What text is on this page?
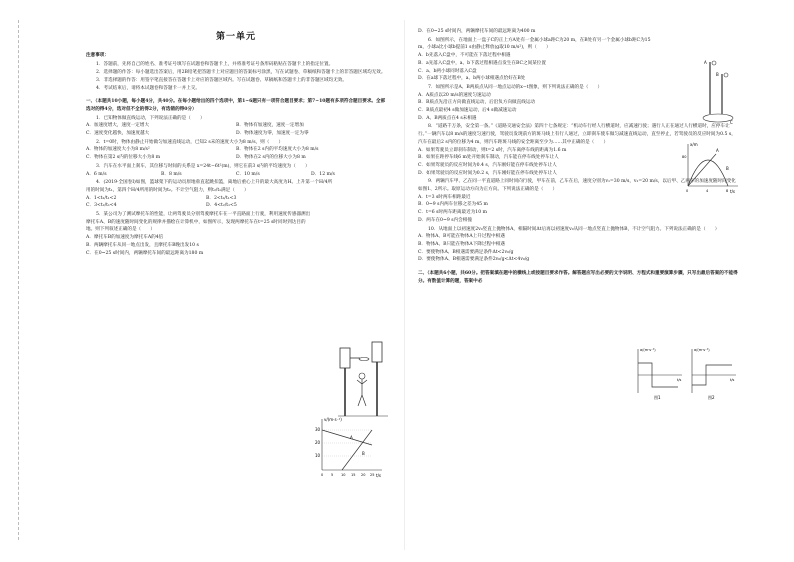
第一单元
注意事项：

1．答题前，先将自己的姓名、准考证号填写在试题卷和答题卡上，并将准考证号条形码粘贴在答题卡上的指定位置。

2．选择题的作答：每小题选出答案后，用2B铅笔把答题卡上对应题目的答案标号涂黑，写在试题卷、草稿纸和答题卡上的非答题区域均无效。

3．非选择题的作答：用签字笔直接答在答题卡上对应的答题区域内。写在试题卷、草稿纸和答题卡上的非答题区域均无效。

4．考试结束后，请将本试题卷和答题卡一并上交。

一、（本题共10小题，每小题4分，共40分。在每小题给出的四个选项中，第1~6题只有一项符合题目要求；第7~10题有多项符合题目要求。全部选对的得4分，选对但不全的得2分，有选错的得0分）

1．已知物体做直线运动，下列说法正确的是（　　）

A．加速度增大，速度一定增大	B．物体有加速度，速度一定增加
C．速度变化越快，加速度越大	D．物体速度为零，加速度一定为零

2．t=0时，物体由静止开始做匀加速直线运动，已知2 s末的速度大小为8 m/s，则（　　）

A．物体的加速度大小为8 m/s²	B．物体在2 s内的平均速度大小为8 m/s
C．物体在第2 s内的位移大小为8 m	D．物体在2 s内的位移大小为8 m

3．汽车在水平面上刹车，其位移与时间的关系是 x=24t−6t²(m)，则它在前3 s内的平均速度为（　　）

A．6 m/s	B．8 m/s	C．10 m/s	D．12 m/s

4．(2019·全国卷Ⅰ)如图，篮球架下的运动员原地垂直起跳扣篮，离地后重心上升的最大高度为H。上升第一个H/4所用的时间为t₁，第四个H/4所用的时间为t₂。不计空气阻力，则t₂/t₁满足（　　）

A．1<t₂/t₁<2	B．2<t₂/t₁<3
C．3<t₂/t₁<4	D．4<t₂/t₁<5

5．某公司为了测试摩托车的性能，让两驾驶员分别驾驶摩托车在一平直路面上行驶，利用速度传感器测出摩托车A、B的速度随时间变化的规律并描绘在计算机中，如图所示，发现两摩托车在t=25 s时同时到达目的地。则下列叙述正确的是（　　）

A．摩托车B的加速度为摩托车A的4倍
B．两辆摩托车从同一地点出发，且摩托车B晚出发10 s
C．在0~25 s时间内，两辆摩托车间的最远距离为180 m
v/(m·s⁻¹)
t/s
30
20
10
A
B
0 5 10 15 20 25

D．在0~25 s时间内，两辆摩托车间的最远距离为400 m

6．如图所示，在地面上一盘子C的正上方A处有一金属小球a距C为20 m，在B处有另一个金属小球b距C为15 m，小球a比小球b提前1 s由静止释放(g取10 m/s²)，则（　　）

A．b先落入C盘中，不可能在下落过程中相遇
B．a先落入C盘中，a、b下落过程相遇点发生在BC之间某位置
C．a、b两小球同时落入C盘
D．在a球下落过程中，a、b两小球相遇点恰好在B处

7．如图所示是A、B两质点从同一地点运动的x−t图象，则下列说法正确的是（　　）

A．A质点以20 m/s的速度匀速运动
B．B质点先沿正方向做直线运动，后沿负方向做直线运动
C．B质点最初4 s做加速运动，后4 s做减速运动
D．A、B两质点在4 s末相遇

8．“道路千万条，安全第一条。”《道路交通安全法》第四十七条规定：“机动车行经人行横道时，应减速行驶；遇行人正在通过人行横道时，应停车让行。”一辆汽车以8 m/s的速度匀速行驶，驾驶员发现前方的斑马线上有行人通过，立即刹车使车做匀减速直线运动，直至停止，若驾驶员的反应时间为0.5 s，汽车在最后2 s内的位移为4 m，则汽车距斑马线的安全距离至少为……其中正确的是（　　）

A．如果驾驶员立即刹车制动，则t=2 s时，汽车离停车线的距离为1.6 m
B．如果在距停车线6 m处开始刹车制动，汽车能在停车线处停车让人
C．如果驾驶员的反应时间为0.4 s，汽车刚好能在停车线处停车让人
D．如果驾驶员的反应时间为0.2 s，汽车刚好能在停车线处停车让人

9．两辆汽车甲、乙在同一平直道路上同时同向行驶，甲车在前，乙车在后，速度分别为v₁=30 m/s，v₂=20 m/s，以后甲、乙两车的加速度随时间变化如图1、2所示。取原运动方向为正方向。下列说法正确的是（　　）

A．t=3 s时两车相距最近
B．0~9 s内两车位移之差为45 m
C．t=6 s时两车距离最近为10 m
D．两车在0~9 s内会相撞

10．从地面上以初速度2v₀竖直上抛物体A，相隔时间Δt后再以初速度v₀从同一地点竖直上抛物体B，不计空气阻力。下列说法正确的是（　　）

A．物体A、B可能在物体A上升过程中相遇
B．物体A、B只能在物体A下降过程中相遇
C．要使物体A、B相遇需要满足条件Δt<2v₀/g
D．要使物体A、B相遇需要满足条件2v₀/g<Δt<4v₀/g

二、（本题共6小题，共60分。把答案填在题中的横线上或按题目要求作答。解答题应写出必要的文字说明、方程式和重要演算步骤，只写出最后答案的不能得分。有数值计算的题，答案中必

A
B
C
x/m
t/s
A
B
80
0	4	8
a/(m·s⁻²)
t/s
图1
a/(m·s⁻²)
t/s
图2
